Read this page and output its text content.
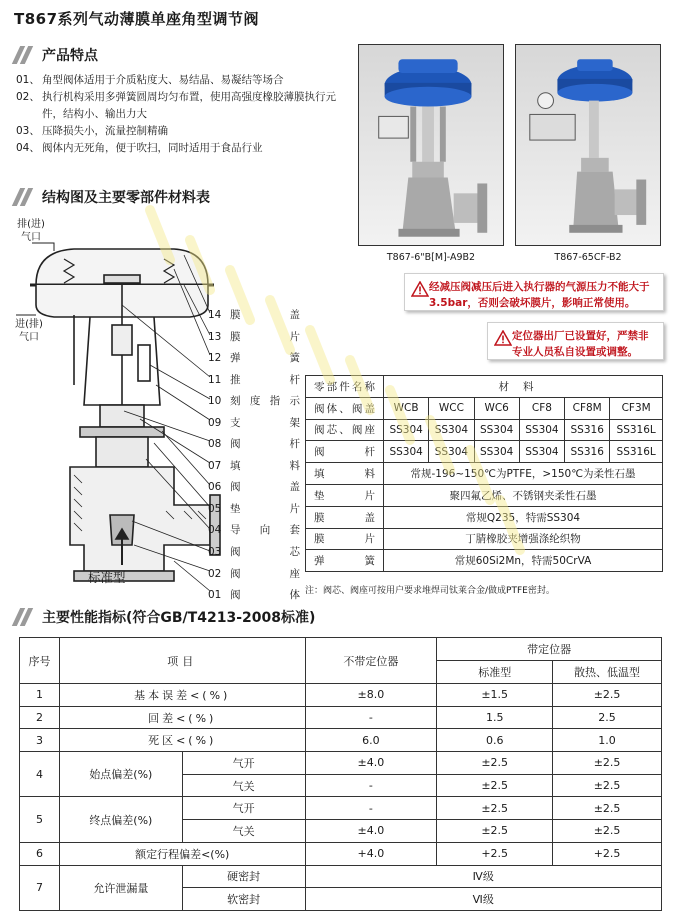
T867系列气动薄膜单座角型调节阀
产品特点
01、 角型阀体适用于介质粘度大、易结晶、易凝结等场合
02、 执行机构采用多弹簧圆周均匀布置，使用高强度橡胶薄膜执行元件，结构小、输出力大
03、 压降损失小，流量控制精确
04、 阀体内无死角，便于吹扫，同时适用于食品行业
结构图及主要零部件材料表
T867-6"B[M]-A9B2	T867-65CF-B2
经减压阀减压后进入执行器的气源压力不能大于3.5bar，否则会破坏膜片，影响正常使用。
定位器出厂已设置好，严禁非专业人员私自设置或调整。
排(进)气口
进(排)气口
标准型
14 膜盖
13 膜片
12 弹簧
11 推杆
10 刻度指示
09 支架
08 阀杆
07 填料
06 阀盖
05 垫片
04 导向套
03 阀芯
02 阀座
01 阀体
零部件名称	材料					
阀体、阀盖	WCB	WCC	WC6	CF8	CF8M	CF3M
阀芯、阀座	SS304	SS304	SS304	SS304	SS316	SS316L
阀杆	SS304	SS304	SS304	SS304	SS316	SS316L
填料	常规-196~150℃为PTFE，>150℃为柔性石墨					
垫片	聚四氟乙烯、不锈钢夹柔性石墨					
膜盖	常规Q235，特需SS304					
膜片	丁腈橡胶夹增强涤纶织物					
弹簧	常规60Si2Mn，特需50CrVA					
注：阀芯、阀座可按用户要求堆焊司钛莱合金/做成PTFE密封。
主要性能指标(符合GB/T4213-2008标准)
序号	项目		不带定位器	带定位器	
				标准型	散热、低温型
1	基本误差<(%)		±8.0	±1.5	±2.5
2	回差<(%)		-	1.5	2.5
3	死区<(%)		6.0	0.6	1.0
4	始点偏差(%)	气开	±4.0	±2.5	±2.5
		气关	-	±2.5	±2.5
5	终点偏差(%)	气开	-	±2.5	±2.5
		气关	±4.0	±2.5	±2.5
6	额定行程偏差<(%)		+4.0	+2.5	+2.5
7	允许泄漏量	硬密封	Ⅳ级		
		软密封	Ⅵ级		
